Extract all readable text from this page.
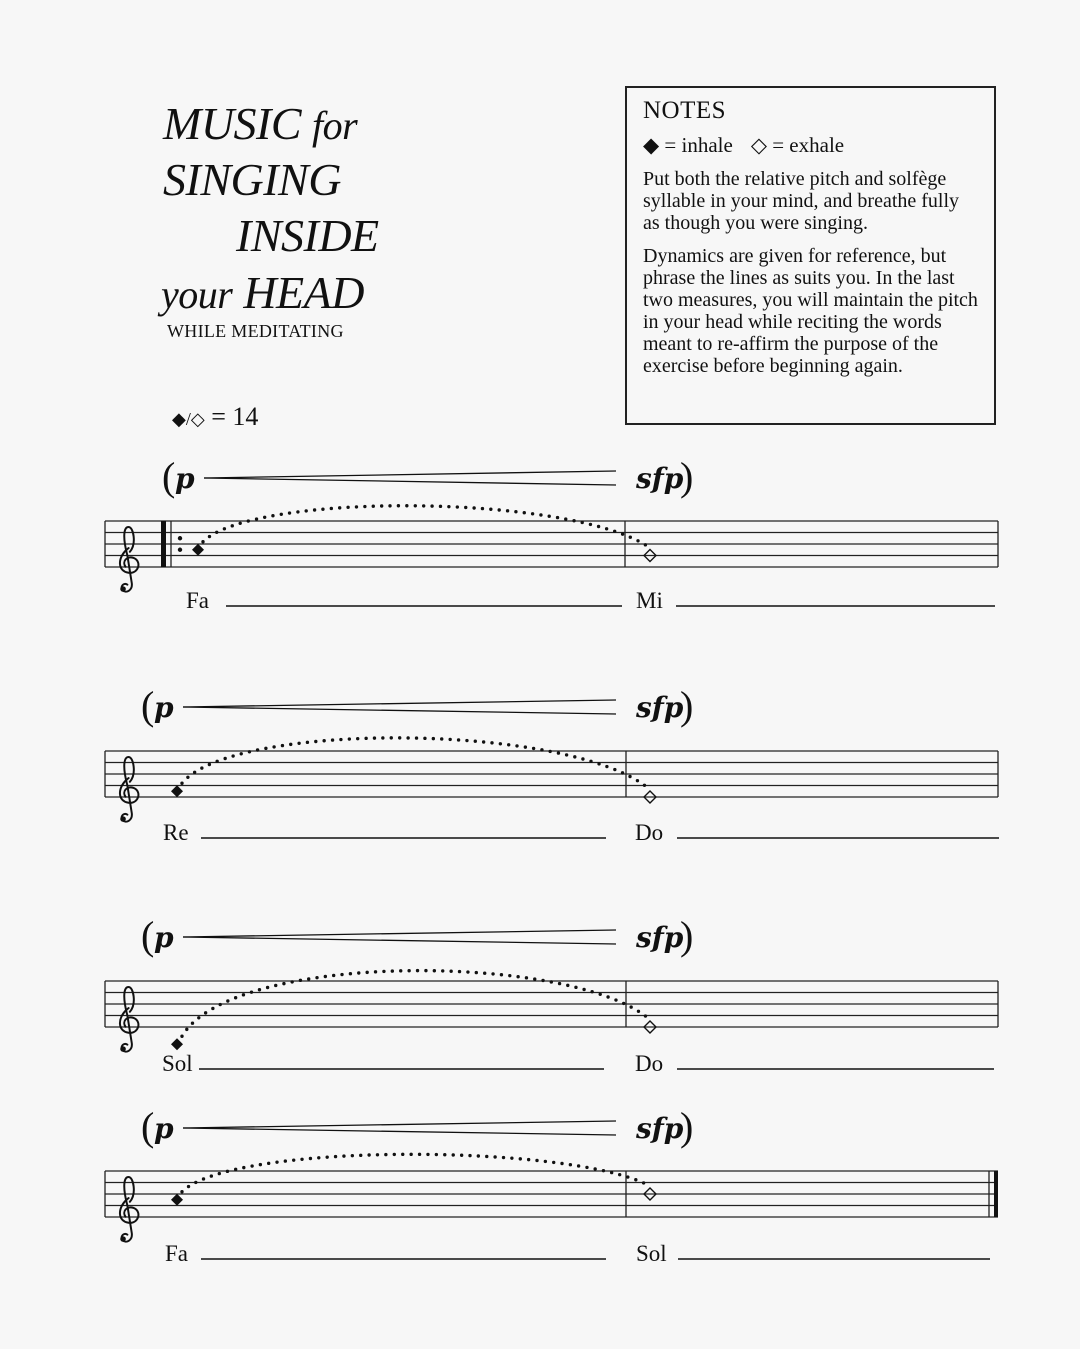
MUSIC for
SINGING
INSIDE
your HEAD
WHILE MEDITATING
◆/◇ = 14
NOTES
◆ = inhale ◇ = exhale
Put both the relative pitch and solfège syllable in your mind, and breathe fully as though you were singing.
Dynamics are given for reference, but phrase the lines as suits you. In the last two measures, you will maintain the pitch in your head while reciting the words meant to re-affirm the purpose of the exercise before beginning again.
( p	sfp
)
Fa	Mi
( p	sfp
)
Re	Do
( p	sfp
)
Sol	Do
( p	sfp
)
Fa	Sol
